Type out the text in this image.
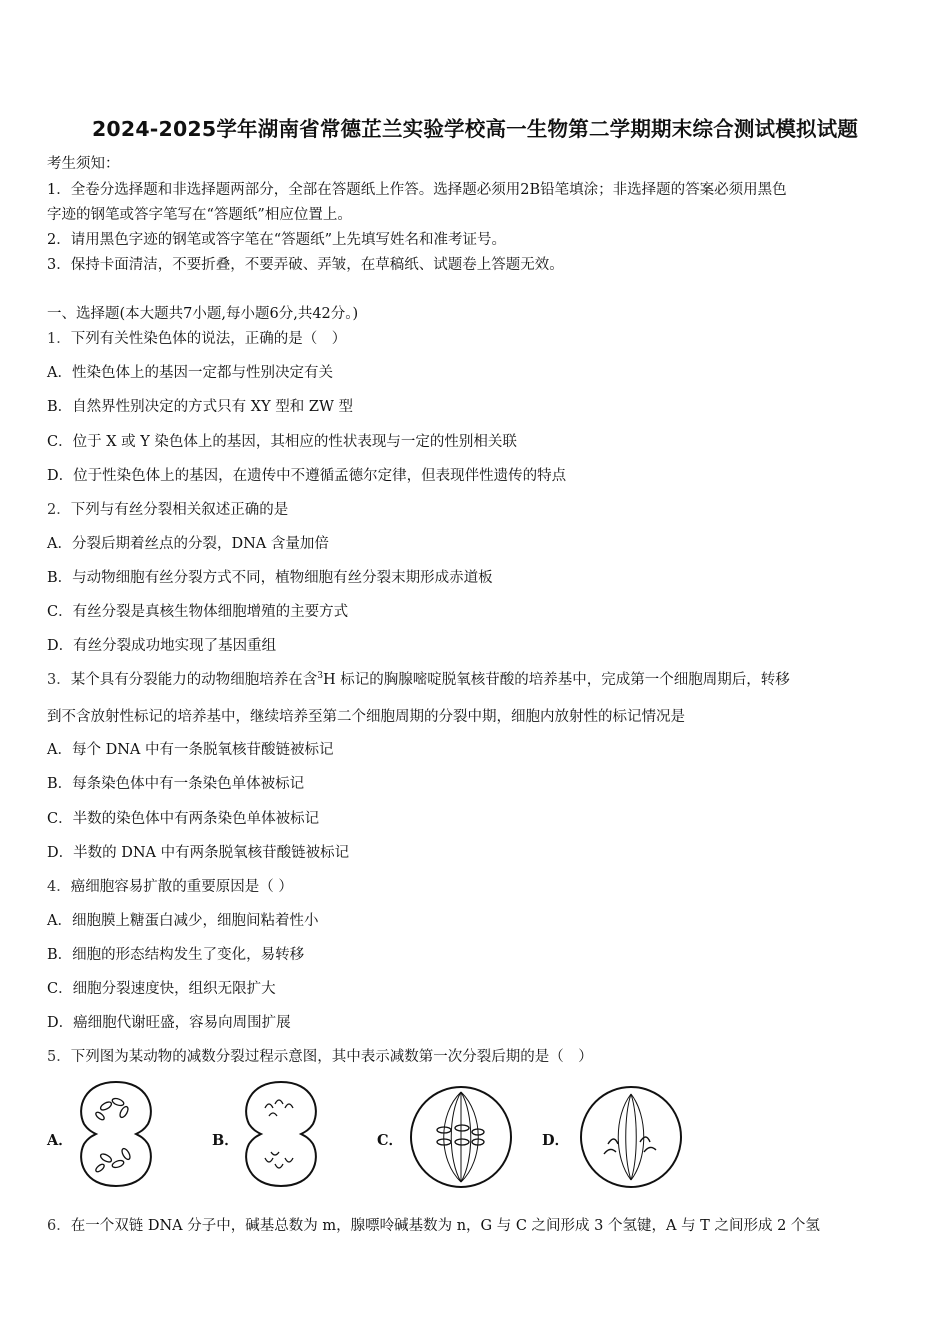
2024-2025学年湖南省常德芷兰实验学校高一生物第二学期期末综合测试模拟试题
考生须知：
1．全卷分选择题和非选择题两部分，全部在答题纸上作答。选择题必须用2B铅笔填涂；非选择题的答案必须用黑色
字迹的钢笔或答字笔写在“答题纸”相应位置上。
2．请用黑色字迹的钢笔或答字笔在“答题纸”上先填写姓名和准考证号。
3．保持卡面清洁，不要折叠，不要弄破、弄皱，在草稿纸、试题卷上答题无效。
一、选择题(本大题共7小题,每小题6分,共42分。)
1．下列有关性染色体的说法，正确的是（　）
A．性染色体上的基因一定都与性别决定有关
B．自然界性别决定的方式只有 XY 型和 ZW 型
C．位于 X 或 Y 染色体上的基因，其相应的性状表现与一定的性别相关联
D．位于性染色体上的基因，在遗传中不遵循孟德尔定律，但表现伴性遗传的特点
2．下列与有丝分裂相关叙述正确的是
A．分裂后期着丝点的分裂，DNA 含量加倍
B．与动物细胞有丝分裂方式不同，植物细胞有丝分裂末期形成赤道板
C．有丝分裂是真核生物体细胞增殖的主要方式
D．有丝分裂成功地实现了基因重组
3．某个具有分裂能力的动物细胞培养在含$^3$H 标记的胸腺嘧啶脱氧核苷酸的培养基中，完成第一个细胞周期后，转移
到不含放射性标记的培养基中，继续培养至第二个细胞周期的分裂中期，细胞内放射性的标记情况是
A．每个 DNA 中有一条脱氧核苷酸链被标记
B．每条染色体中有一条染色单体被标记
C．半数的染色体中有两条染色单体被标记
D．半数的 DNA 中有两条脱氧核苷酸链被标记
4．癌细胞容易扩散的重要原因是（ ）
A．细胞膜上糖蛋白减少，细胞间粘着性小
B．细胞的形态结构发生了变化，易转移
C．细胞分裂速度快，组织无限扩大
D．癌细胞代谢旺盛，容易向周围扩展
5．下列图为某动物的减数分裂过程示意图，其中表示减数第一次分裂后期的是（　）
A．	B．	C．	D．
6．在一个双链 DNA 分子中，碱基总数为 m，腺嘌呤碱基数为 n，G 与 C 之间形成 3 个氢键，A 与 T 之间形成 2 个氢
